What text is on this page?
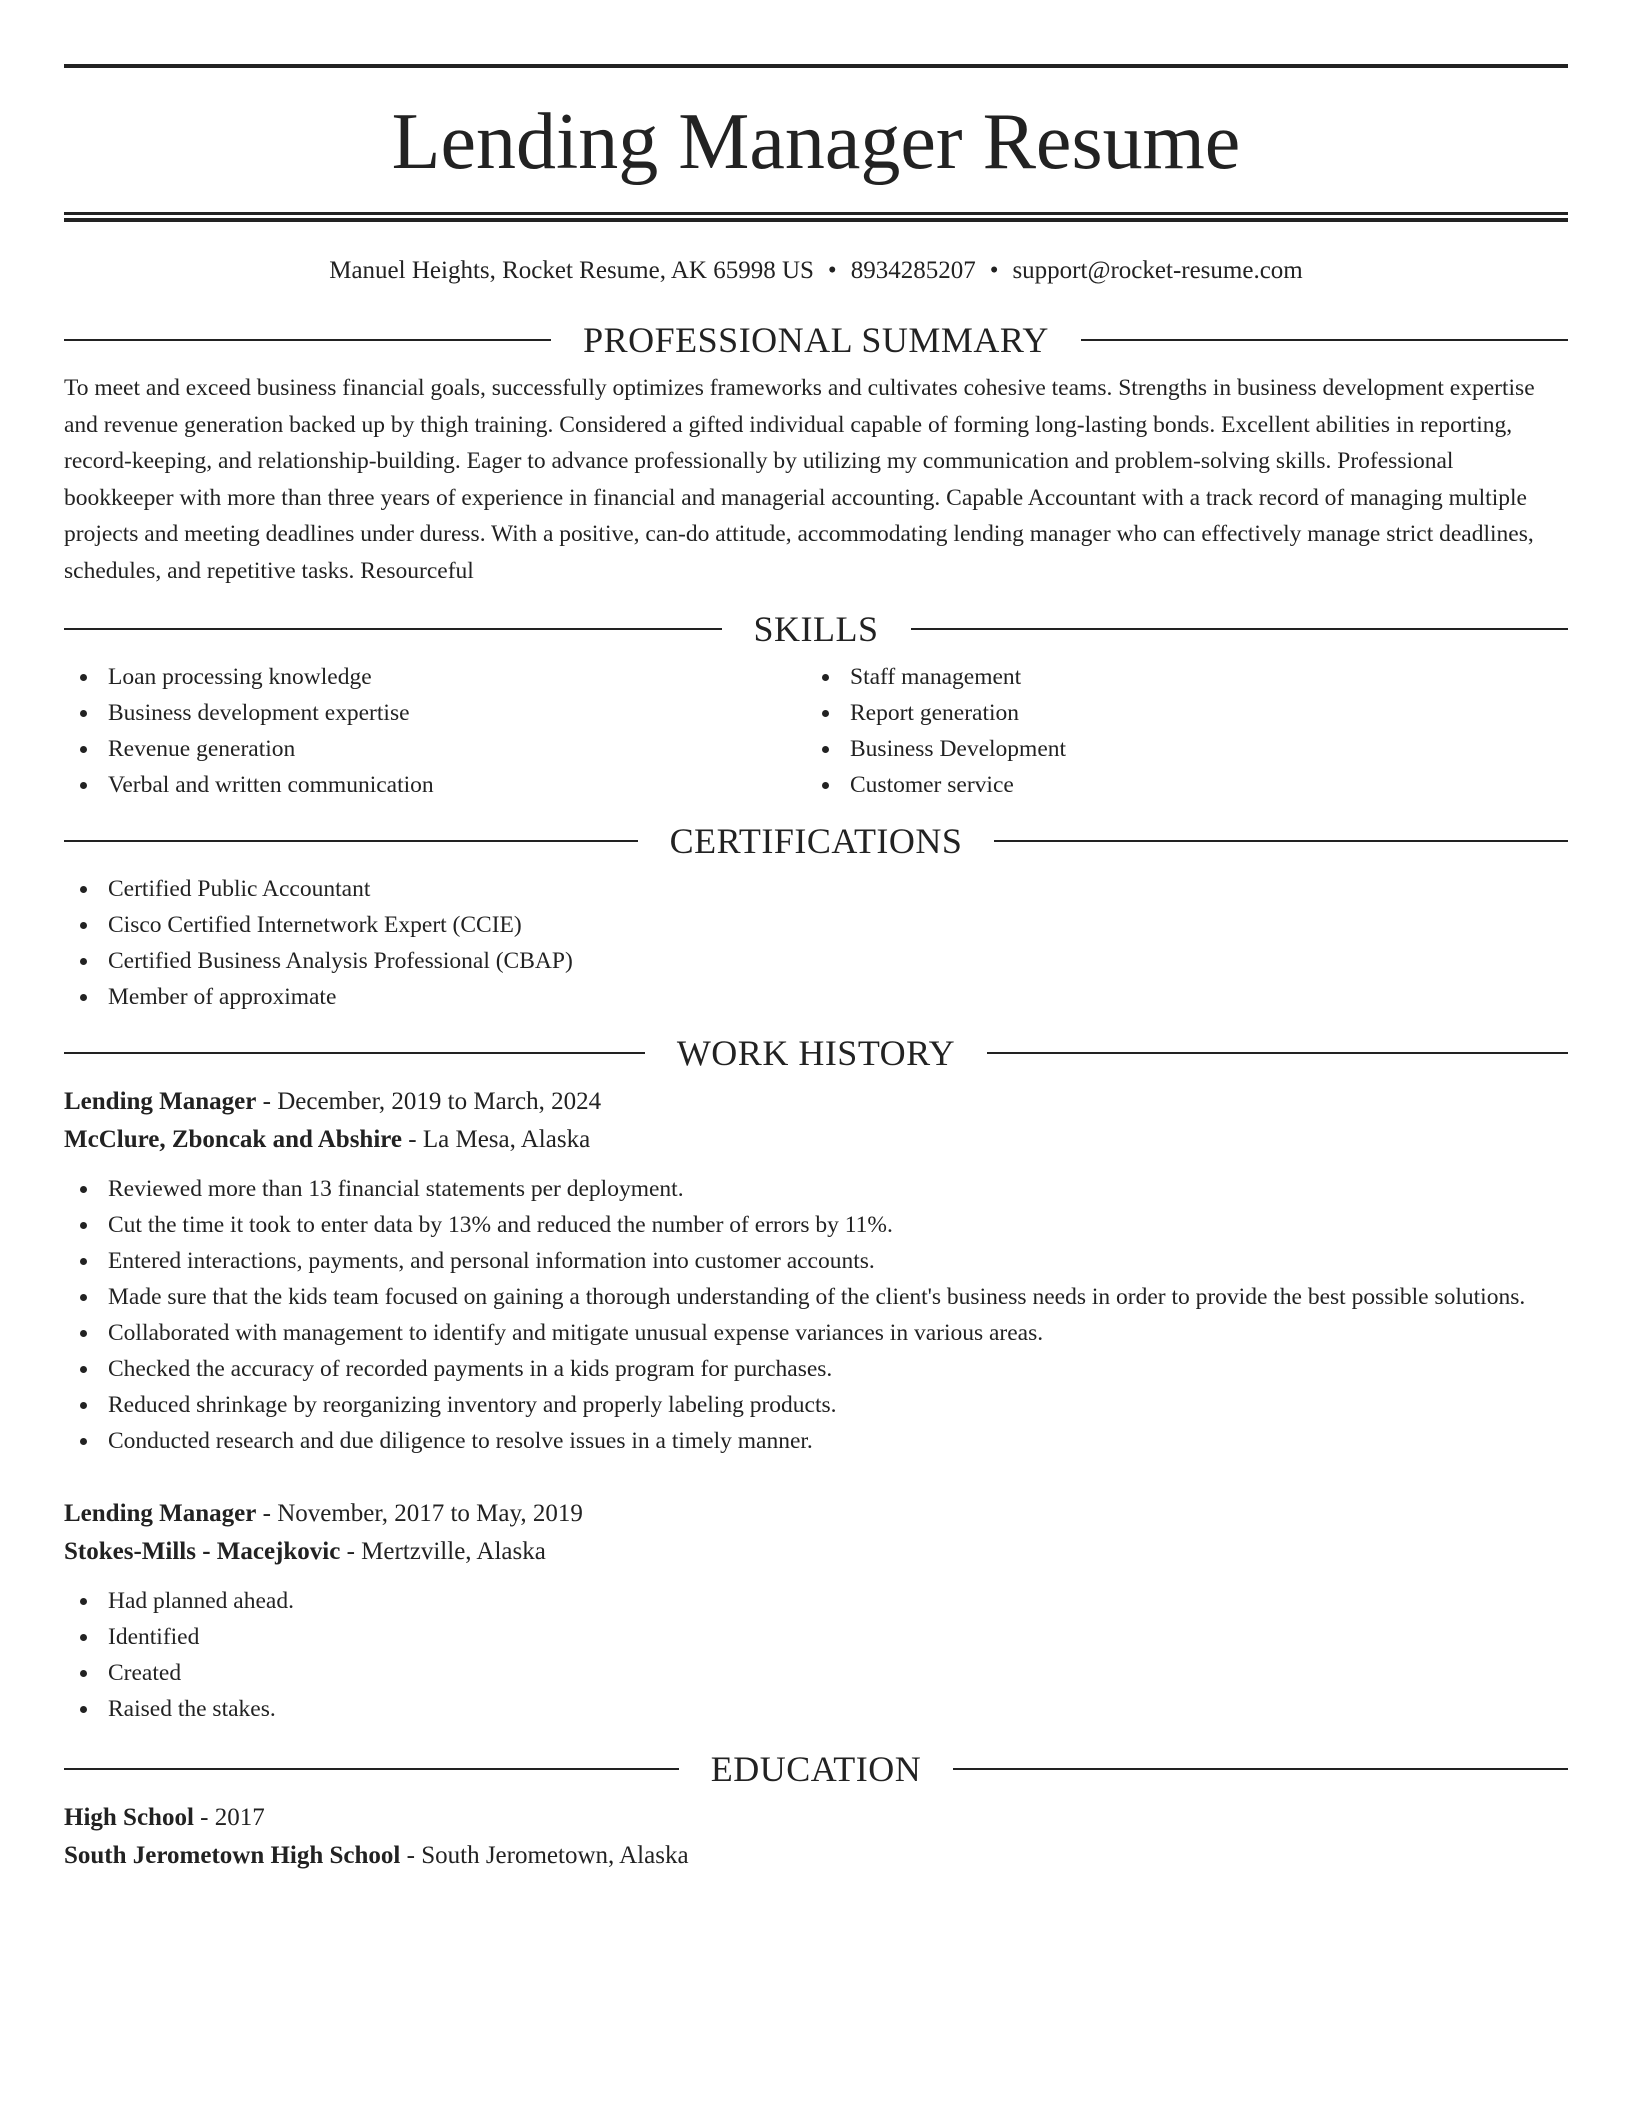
Lending Manager Resume
Manuel Heights, Rocket Resume, AK 65998 US • 8934285207 • support@rocket-resume.com
PROFESSIONAL SUMMARY

To meet and exceed business financial goals, successfully optimizes frameworks and cultivates cohesive teams. Strengths in business development expertise and revenue generation backed up by thigh training. Considered a gifted individual capable of forming long-lasting bonds. Excellent abilities in reporting, record-keeping, and relationship-building. Eager to advance professionally by utilizing my communication and problem-solving skills. Professional bookkeeper with more than three years of experience in financial and managerial accounting. Capable Accountant with a track record of managing multiple projects and meeting deadlines under duress. With a positive, can-do attitude, accommodating lending manager who can effectively manage strict deadlines, schedules, and repetitive tasks. Resourceful

SKILLS
Loan processing knowledge
Business development expertise
Revenue generation
Verbal and written communication
Staff management
Report generation
Business Development
Customer service
CERTIFICATIONS
Certified Public Accountant
Cisco Certified Internetwork Expert (CCIE)
Certified Business Analysis Professional (CBAP)
Member of approximate
WORK HISTORY
Lending Manager - December, 2019 to March, 2024
McClure, Zboncak and Abshire - La Mesa, Alaska
Reviewed more than 13 financial statements per deployment.
Cut the time it took to enter data by 13% and reduced the number of errors by 11%.
Entered interactions, payments, and personal information into customer accounts.
Made sure that the kids team focused on gaining a thorough understanding of the client's business needs in order to provide the best possible solutions.
Collaborated with management to identify and mitigate unusual expense variances in various areas.
Checked the accuracy of recorded payments in a kids program for purchases.
Reduced shrinkage by reorganizing inventory and properly labeling products.
Conducted research and due diligence to resolve issues in a timely manner.
Lending Manager - November, 2017 to May, 2019
Stokes-Mills - Macejkovic - Mertzville, Alaska
Had planned ahead.
Identified
Created
Raised the stakes.
EDUCATION
High School - 2017
South Jerometown High School - South Jerometown, Alaska
